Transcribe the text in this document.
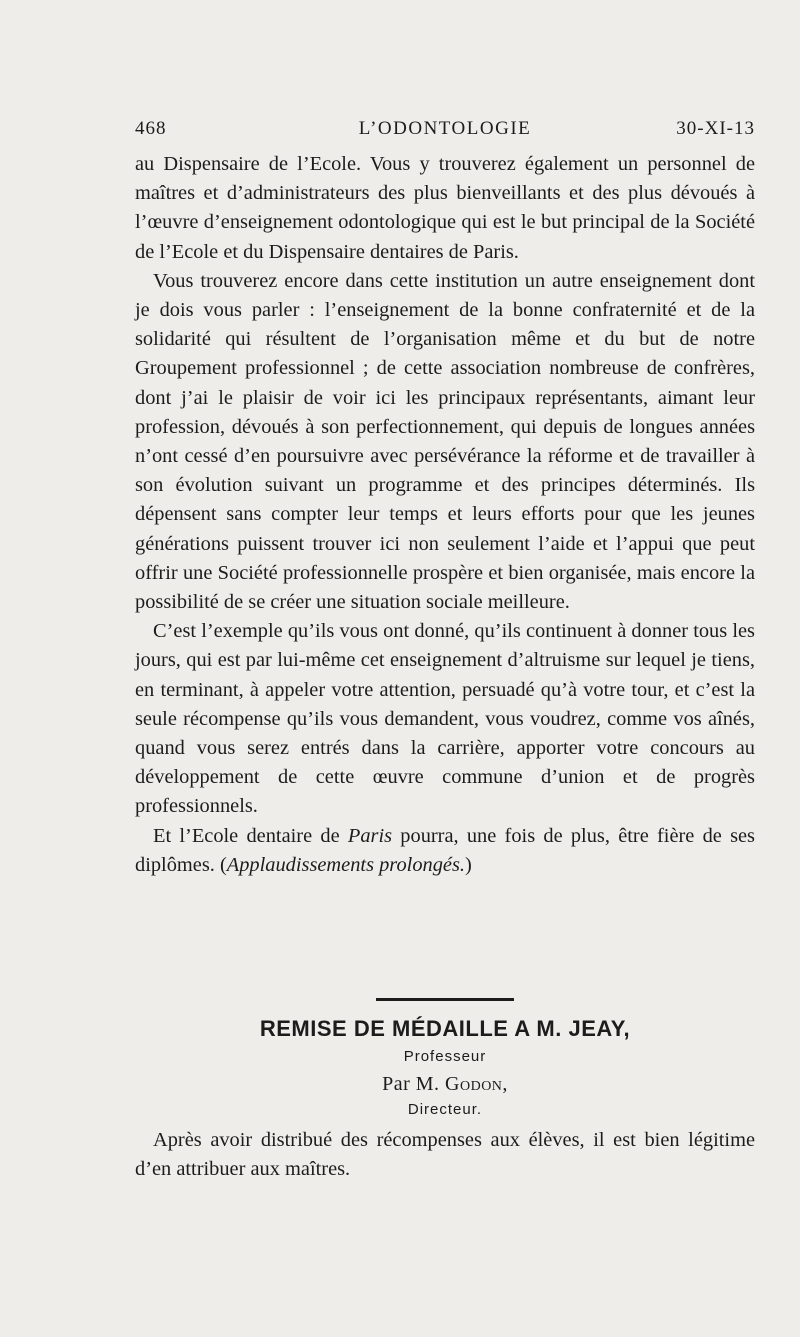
468	L’ODONTOLOGIE	30-XI-13

au Dispensaire de l’Ecole. Vous y trouverez également un personnel de maîtres et d’administrateurs des plus bienveillants et des plus dévoués à l’œuvre d’enseignement odontologique qui est le but principal de la Société de l’Ecole et du Dispensaire dentaires de Paris.

Vous trouverez encore dans cette institution un autre enseignement dont je dois vous parler : l’enseignement de la bonne confraternité et de la solidarité qui résultent de l’organisation même et du but de notre Groupement professionnel ; de cette association nombreuse de confrères, dont j’ai le plaisir de voir ici les principaux représentants, aimant leur profession, dévoués à son perfectionnement, qui depuis de longues années n’ont cessé d’en poursuivre avec persévérance la réforme et de travailler à son évolution suivant un programme et des principes déterminés. Ils dépensent sans compter leur temps et leurs efforts pour que les jeunes générations puissent trouver ici non seulement l’aide et l’appui que peut offrir une Société professionnelle prospère et bien organisée, mais encore la possibilité de se créer une situation sociale meilleure.

C’est l’exemple qu’ils vous ont donné, qu’ils continuent à donner tous les jours, qui est par lui-même cet enseignement d’altruisme sur lequel je tiens, en terminant, à appeler votre attention, persuadé qu’à votre tour, et c’est la seule récompense qu’ils vous demandent, vous voudrez, comme vos aînés, quand vous serez entrés dans la carrière, apporter votre concours au développement de cette œuvre commune d’union et de progrès professionnels.

Et l’Ecole dentaire de Paris pourra, une fois de plus, être fière de ses diplômes. (Applaudissements prolongés.)

REMISE DE MÉDAILLE A M. JEAY,
Professeur
Par M. Godon,
Directeur.

Après avoir distribué des récompenses aux élèves, il est bien légitime d’en attribuer aux maîtres.
